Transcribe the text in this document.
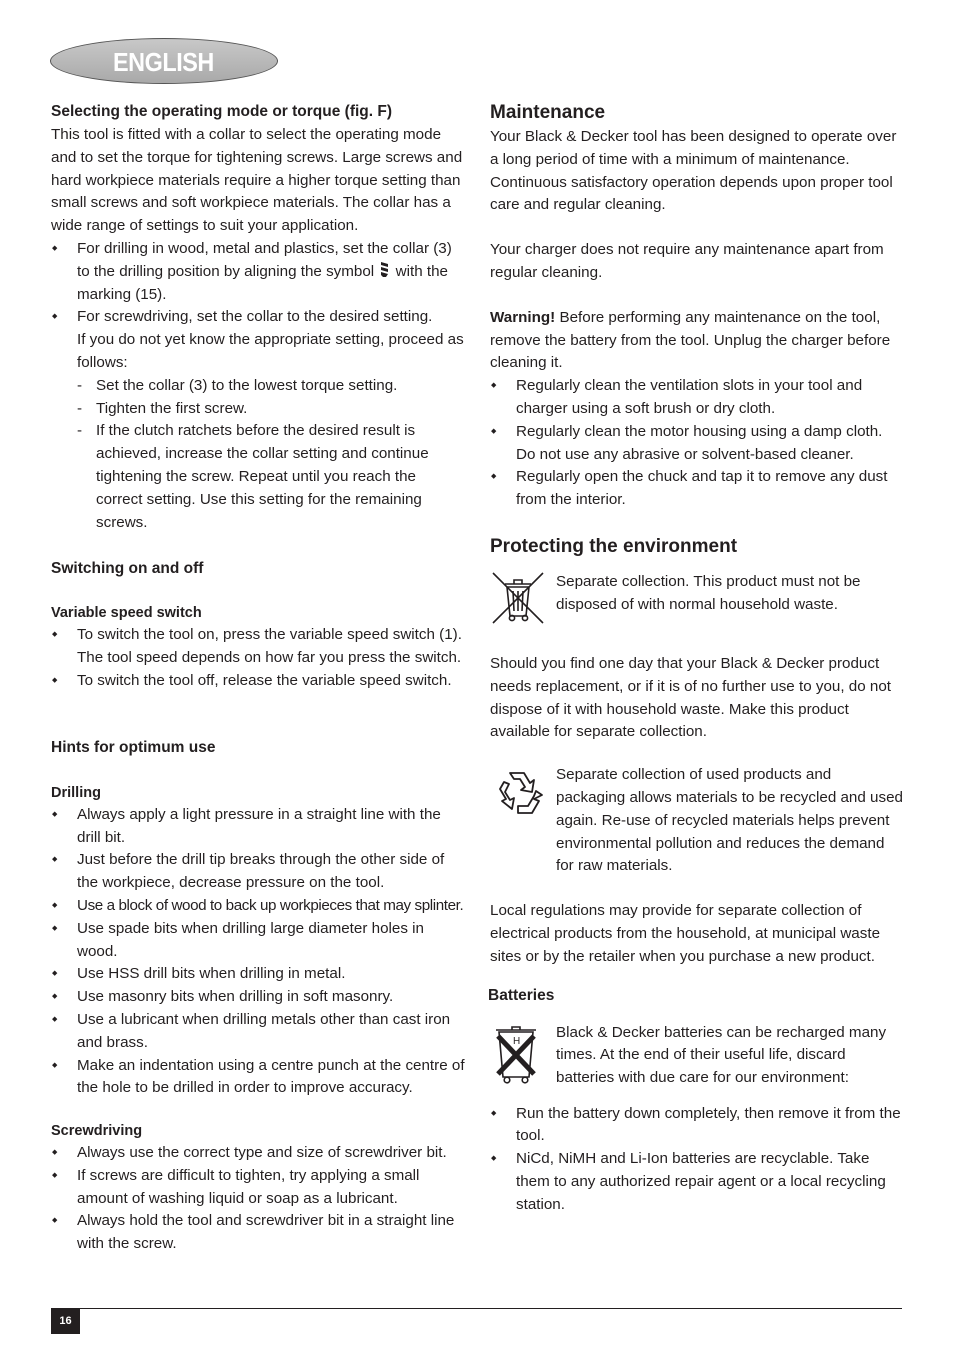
ENGLISH

Selecting the operating mode or torque (fig. F)

This tool is fitted with a collar to select the operating mode and to set the torque for tightening screws. Large screws and hard workpiece materials require a higher torque setting than small screws and soft workpiece materials. The collar has a wide range of settings to suit your application.

◆ For drilling in wood, metal and plastics, set the collar (3) to the drilling position by aligning the symbol with the marking (15).
◆ For screwdriving, set the collar to the desired setting.
If you do not yet know the appropriate setting, proceed as follows:
- Set the collar (3) to the lowest torque setting.
- Tighten the first screw.
- If the clutch ratchets before the desired result is achieved, increase the collar setting and continue tightening the screw. Repeat until you reach the correct setting. Use this setting for the remaining screws.

Switching on and off

Variable speed switch

◆ To switch the tool on, press the variable speed switch (1). The tool speed depends on how far you press the switch.
◆ To switch the tool off, release the variable speed switch.

Hints for optimum use

Drilling

◆ Always apply a light pressure in a straight line with the drill bit.
◆ Just before the drill tip breaks through the other side of the workpiece, decrease pressure on the tool.
◆ Use a block of wood to back up workpieces that may splinter.
◆ Use spade bits when drilling large diameter holes in wood.
◆ Use HSS drill bits when drilling in metal.
◆ Use masonry bits when drilling in soft masonry.
◆ Use a lubricant when drilling metals other than cast iron and brass.
◆ Make an indentation using a centre punch at the centre of the hole to be drilled in order to improve accuracy.

Screwdriving

◆ Always use the correct type and size of screwdriver bit.
◆ If screws are difficult to tighten, try applying a small amount of washing liquid or soap as a lubricant.
◆ Always hold the tool and screwdriver bit in a straight line with the screw.

Maintenance

Your Black & Decker tool has been designed to operate over a long period of time with a minimum of maintenance. Continuous satisfactory operation depends upon proper tool care and regular cleaning.

Your charger does not require any maintenance apart from regular cleaning.

Warning! Before performing any maintenance on the tool, remove the battery from the tool. Unplug the charger before cleaning it.

◆ Regularly clean the ventilation slots in your tool and charger using a soft brush or dry cloth.
◆ Regularly clean the motor housing using a damp cloth. Do not use any abrasive or solvent-based cleaner.
◆ Regularly open the chuck and tap it to remove any dust from the interior.

Protecting the environment

Separate collection. This product must not be disposed of with normal household waste.

Should you find one day that your Black & Decker product needs replacement, or if it is of no further use to you, do not dispose of it with household waste. Make this product available for separate collection.

Separate collection of used products and packaging allows materials to be recycled and used again. Re-use of recycled materials helps prevent environmental pollution and reduces the demand for raw materials.

Local regulations may provide for separate collection of electrical products from the household, at municipal waste sites or by the retailer when you purchase a new product.

Batteries

H

Black & Decker batteries can be recharged many times. At the end of their useful life, discard batteries with due care for our environment:

◆ Run the battery down completely, then remove it from the tool.
◆ NiCd, NiMH and Li-Ion batteries are recyclable. Take them to any authorized repair agent or a local recycling station.
16
